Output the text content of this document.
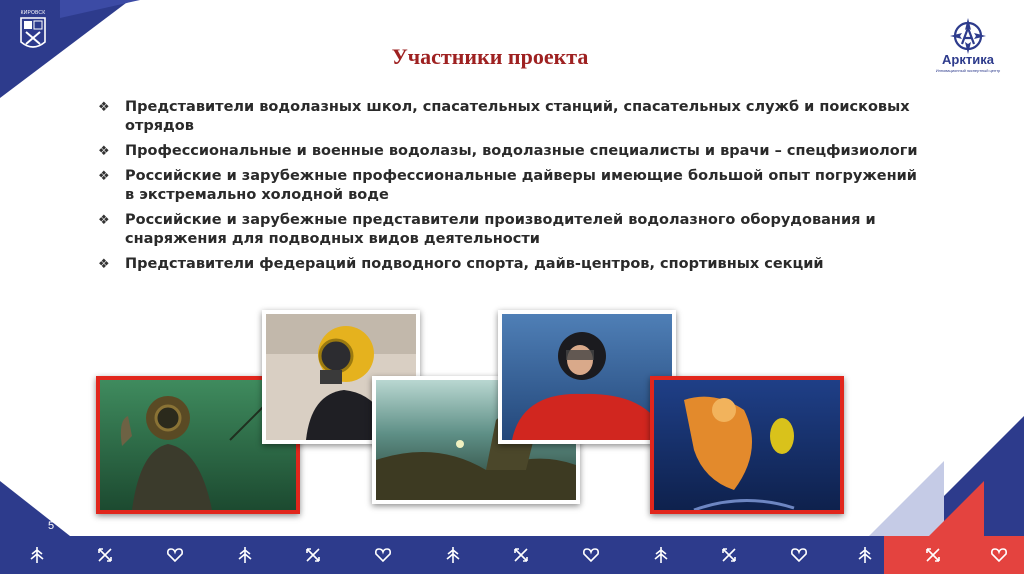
КИРОВСК
Арктика
Инновационный экспертный центр
Участники проекта
❖ Представители водолазных школ, спасательных станций, спасательных служб и поисковых отрядов
❖ Профессиональные и военные водолазы, водолазные специалисты и врачи – спецфизиологи
❖ Российские и зарубежные профессиональные дайверы имеющие большой опыт погружений в экстремально холодной воде
❖ Российские и зарубежные представители производителей водолазного оборудования и снаряжения для подводных видов деятельности
❖ Представители федераций подводного спорта, дайв-центров, спортивных секций
5
